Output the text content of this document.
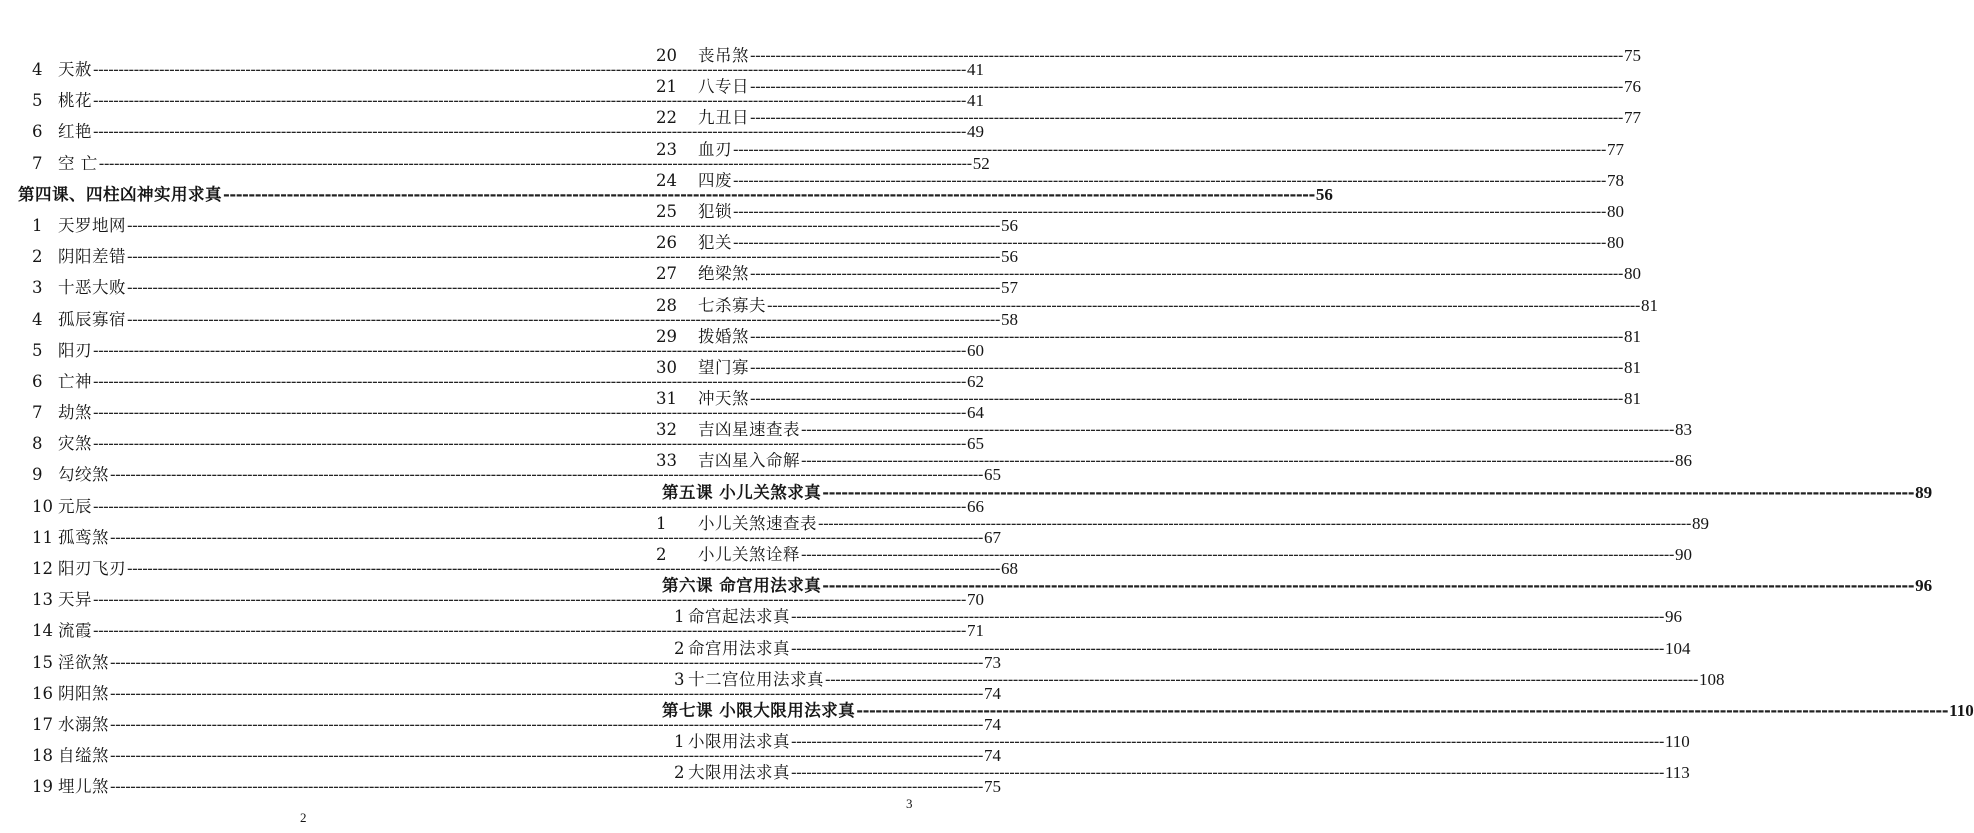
4 天赦 -----	41
5 桃花 -----	41
6 红艳 -----	49
7 空 亡 -----	52
第四课、四柱凶神实用求真 -----	56
1 天罗地网 -----	56
2 阴阳差错 -----	56
3 十恶大败 -----	57
4 孤辰寡宿 -----	58
5 阳刃 -----	60
6 亡神 -----	62
7 劫煞 -----	64
8 灾煞 -----	65
9 勾绞煞 -----	65
10 元辰 -----	66
11 孤鸾煞 -----	67
12 阳刃飞刃 -----	68
13 天异 -----	70
14 流霞 -----	71
15 淫欲煞 -----	73
16 阴阳煞 -----	74
17 水溺煞 -----	74
18 自缢煞 -----	74
19 埋儿煞 -----	75
2
20	丧吊煞 -----	75
21	八专日 -----	76
22	九丑日 -----	77
23	血刃 -----	77
24	四废 -----	78
25	犯锁 -----	80
26	犯关 -----	80
27	绝梁煞 -----	80
28	七杀寡夫 -----	81
29	拨婚煞 -----	81
30	望门寡 -----	81
31	冲天煞 -----	81
32	吉凶星速查表 -----	83
33	吉凶星入命解 -----	86
第五课 小儿关煞求真 -----	89
1	小儿关煞速查表 -----	89
2	小儿关煞诠释 -----	90
第六课 命宫用法求真 -----	96
1 命宫起法求真 -----	96
2 命宫用法求真 -----	104
3 十二宫位用法求真 -----	108
第七课 小限大限用法求真 -----	110
1 小限用法求真 -----	110
2 大限用法求真 -----	113
3
